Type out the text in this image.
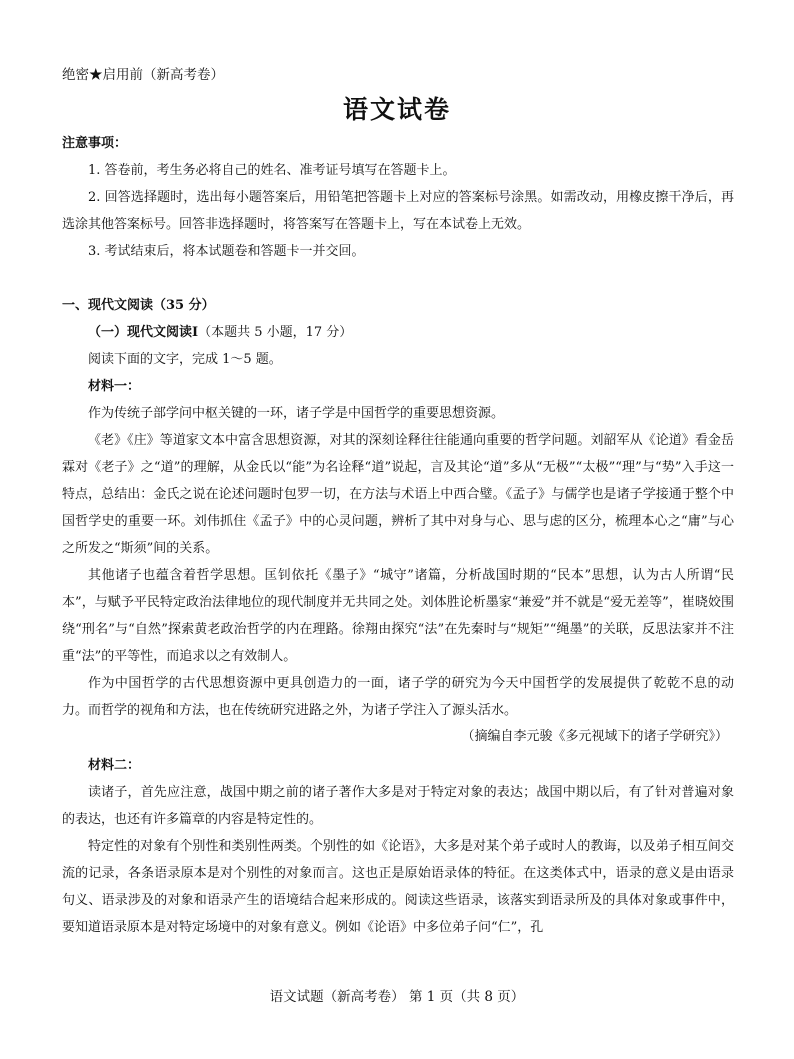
绝密★启用前（新高考卷）
语文试卷
注意事项：
1. 答卷前，考生务必将自己的姓名、准考证号填写在答题卡上。
2. 回答选择题时，选出每小题答案后，用铅笔把答题卡上对应的答案标号涂黑。如需改动，用橡皮擦干净后，再选涂其他答案标号。回答非选择题时，将答案写在答题卡上，写在本试卷上无效。
3. 考试结束后，将本试题卷和答题卡一并交回。
一、现代文阅读（35 分）
（一）现代文阅读Ⅰ（本题共 5 小题，17 分）
阅读下面的文字，完成 1～5 题。
材料一：
作为传统子部学问中枢关键的一环，诸子学是中国哲学的重要思想资源。
《老》《庄》等道家文本中富含思想资源，对其的深刻诠释往往能通向重要的哲学问题。刘韶军从《论道》看金岳霖对《老子》之“道”的理解，从金氏以“能”为名诠释“道”说起，言及其论“道”多从“无极”“太极”“理”与“势”入手这一特点，总结出：金氏之说在论述问题时包罗一切，在方法与术语上中西合璧。《孟子》与儒学也是诸子学接通于整个中国哲学史的重要一环。刘伟抓住《孟子》中的心灵问题，辨析了其中对身与心、思与虑的区分，梳理本心之“庸”与心之所发之“斯须”间的关系。
其他诸子也蕴含着哲学思想。匡钊依托《墨子》“城守”诸篇，分析战国时期的“民本”思想，认为古人所谓“民本”，与赋予平民特定政治法律地位的现代制度并无共同之处。刘体胜论析墨家“兼爱”并不就是“爱无差等”，崔晓姣围绕“刑名”与“自然”探索黄老政治哲学的内在理路。徐翔由探究“法”在先秦时与“规矩”“绳墨”的关联，反思法家并不注重“法”的平等性，而追求以之有效制人。
作为中国哲学的古代思想资源中更具创造力的一面，诸子学的研究为今天中国哲学的发展提供了乾乾不息的动力。而哲学的视角和方法，也在传统研究进路之外，为诸子学注入了源头活水。
（摘编自李元骏《多元视域下的诸子学研究》）
材料二：
读诸子，首先应注意，战国中期之前的诸子著作大多是对于特定对象的表达；战国中期以后，有了针对普遍对象的表达，也还有许多篇章的内容是特定性的。
特定性的对象有个别性和类别性两类。个别性的如《论语》，大多是对某个弟子或时人的教诲，以及弟子相互间交流的记录，各条语录原本是对个别性的对象而言。这也正是原始语录体的特征。在这类体式中，语录的意义是由语录句义、语录涉及的对象和语录产生的语境结合起来形成的。阅读这些语录，该落实到语录所及的具体对象或事件中，要知道语录原本是对特定场境中的对象有意义。例如《论语》中多位弟子问“仁”，孔
语文试题（新高考卷） 第 1 页（共 8 页）
